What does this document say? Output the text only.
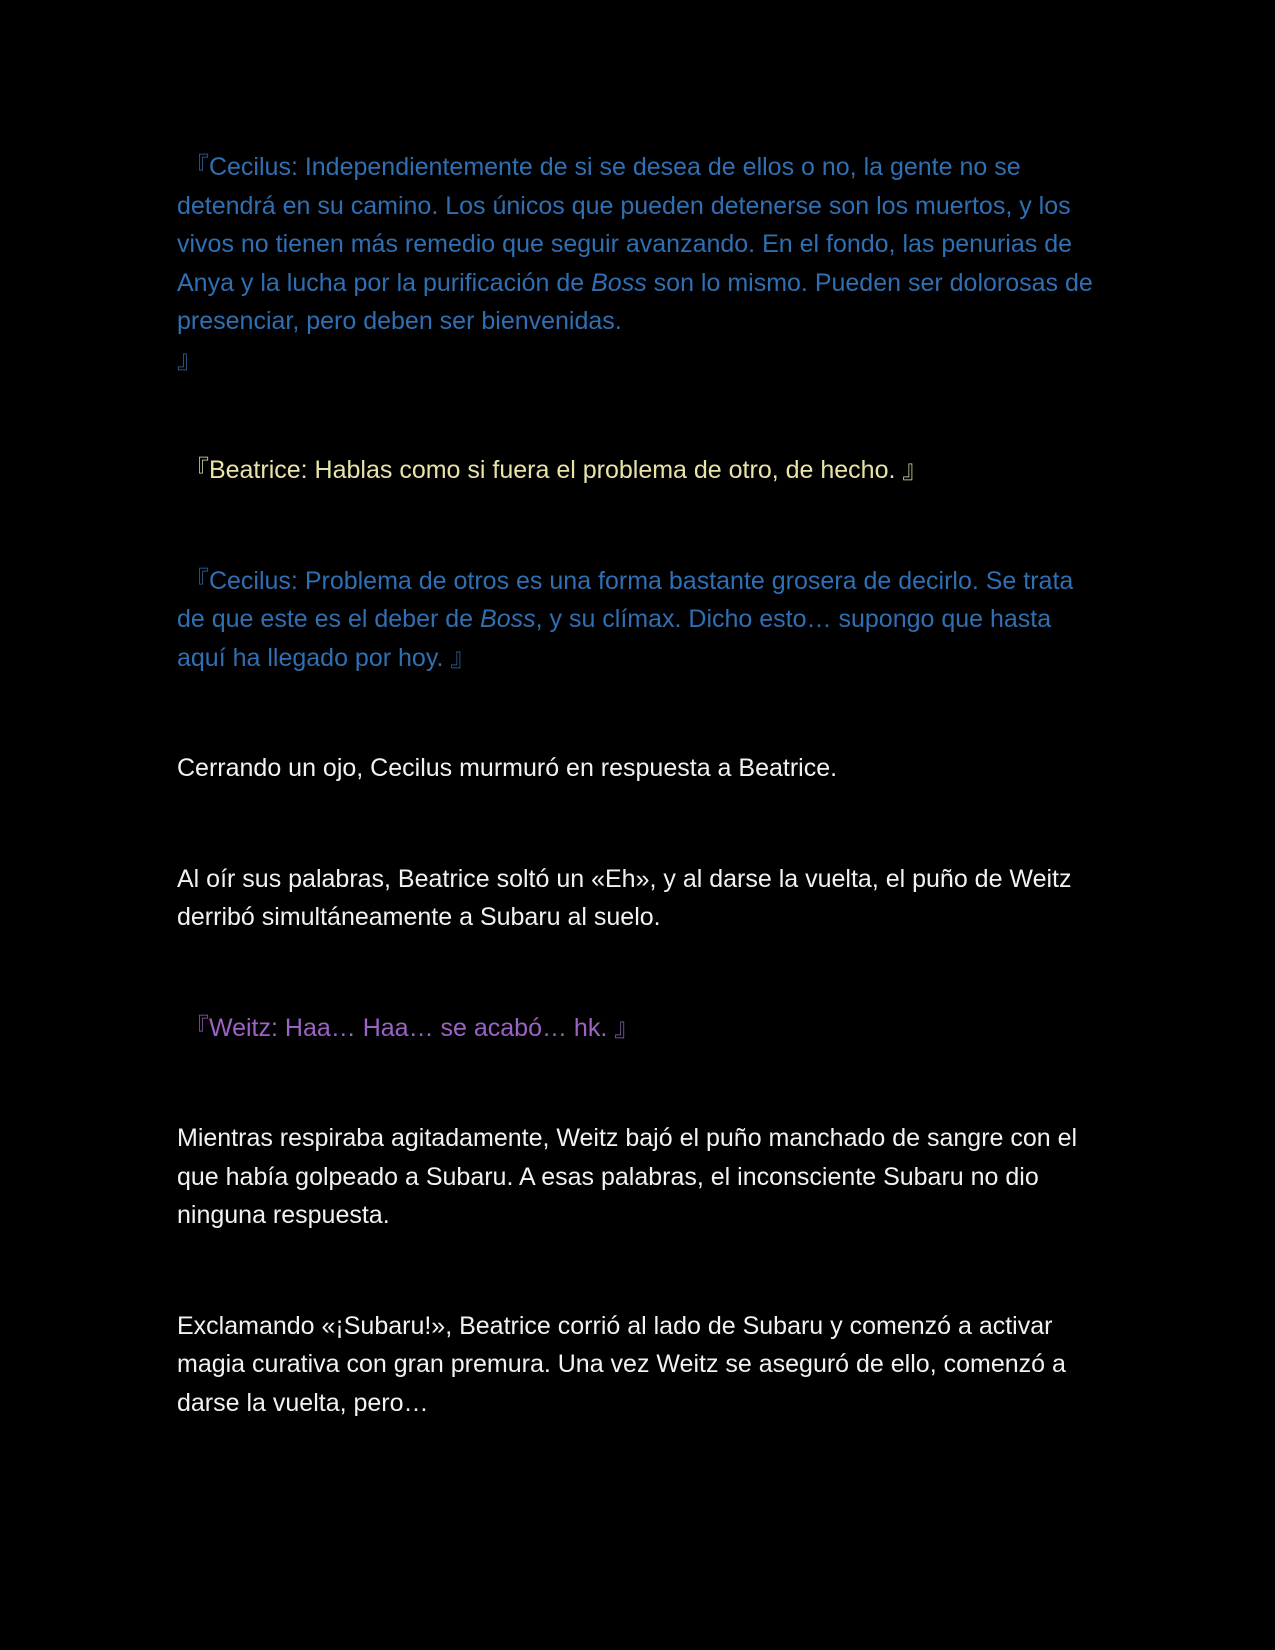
『Cecilus: Independientemente de si se desea de ellos o no, la gente no se detendrá en su camino. Los únicos que pueden detenerse son los muertos, y los vivos no tienen más remedio que seguir avanzando. En el fondo, las penurias de Anya y la lucha por la purificación de Boss son lo mismo. Pueden ser dolorosas de presenciar, pero deben ser bienvenidas.
』

『Beatrice: Hablas como si fuera el problema de otro, de hecho. 』

『Cecilus: Problema de otros es una forma bastante grosera de decirlo. Se trata de que este es el deber de Boss, y su clímax. Dicho esto… supongo que hasta aquí ha llegado por hoy. 』

Cerrando un ojo, Cecilus murmuró en respuesta a Beatrice.

Al oír sus palabras, Beatrice soltó un «Eh», y al darse la vuelta, el puño de Weitz derribó simultáneamente a Subaru al suelo.

『Weitz: Haa… Haa… se acabó… hk. 』

Mientras respiraba agitadamente, Weitz bajó el puño manchado de sangre con el que había golpeado a Subaru. A esas palabras, el inconsciente Subaru no dio ninguna respuesta.

Exclamando «¡Subaru!», Beatrice corrió al lado de Subaru y comenzó a activar magia curativa con gran premura. Una vez Weitz se aseguró de ello, comenzó a darse la vuelta, pero…
